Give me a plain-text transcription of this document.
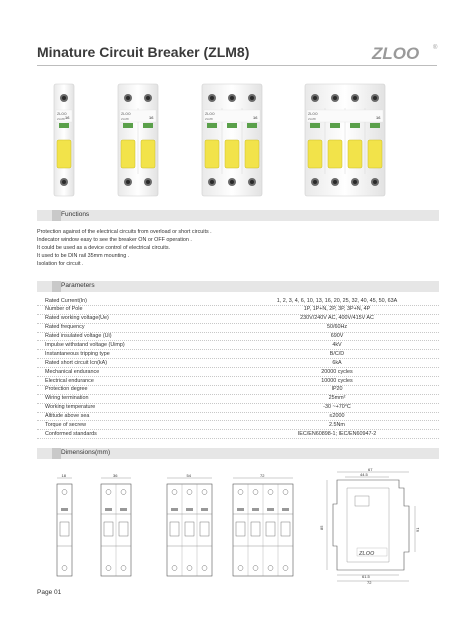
Minature Circuit Breaker (ZLM8)	ZLOO ®
ZLOO
ZLM8 16
ZLOO
ZLM8	16
ZLOO
ZLM8	16
ZLOO
ZLM8	16
Functions
Protection against of the electrical circuits from overload or short circuits .
Indecator window easy to see the breaker ON or OFF operation .
It could be used as a device control of electrical circuits.
It used to be DIN rail 35mm mounting .
Isolation for circuit .
Parameters
Rated Current(In)	1, 2, 3, 4, 6, 10, 13, 16, 20, 25, 32, 40, 45, 50, 63A
Number of Pole	1P, 1P+N, 2P, 3P, 3P+N, 4P
Rated working voltage(Ue)	230V/240V AC, 400V/415V AC
Rated frequency	50/60Hz
Rated insulated voltage (Ui)	690V
Impulse withstand voltage (Uimp)	4kV
Instantaneous tripping type	B/C/D
Rated short circuit Icn(kA)	6kA
Mechanical endurance	20000 cycles
Electrical endurance	10000 cycles
Protection degree	IP20
Wiring termination	25mm²
Working temperature	-30 ~+70°C
Altitude above sea	≤2000
Torque of secrew	2.5Nm
Conformed standards	IEC/EN60898-1; IEC/EN60947-2
Dimensions(mm)
18	36	54	72
ZLOO
67
44.5
85	91
61.5
72
Page 01
